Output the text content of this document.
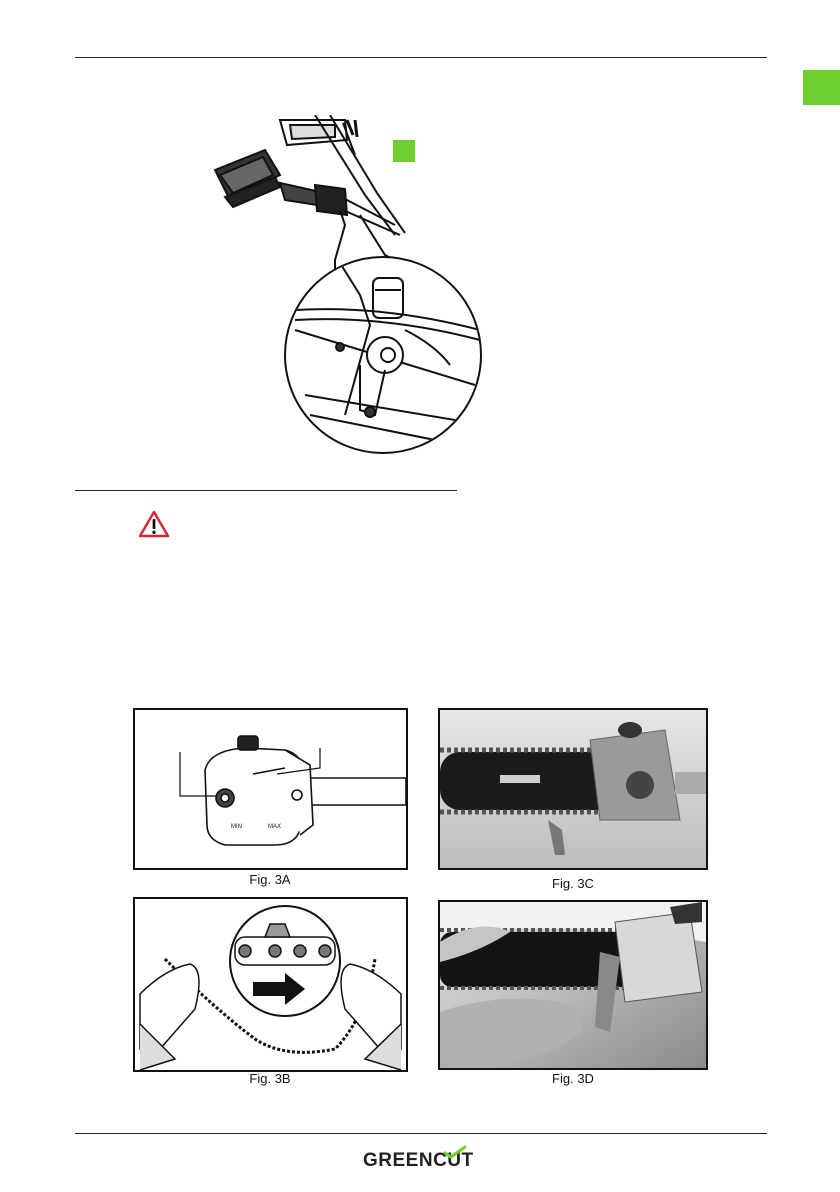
MIN	MAX
Fig. 3A	Fig. 3C
Fig. 3B	Fig. 3D
GREENCUT
